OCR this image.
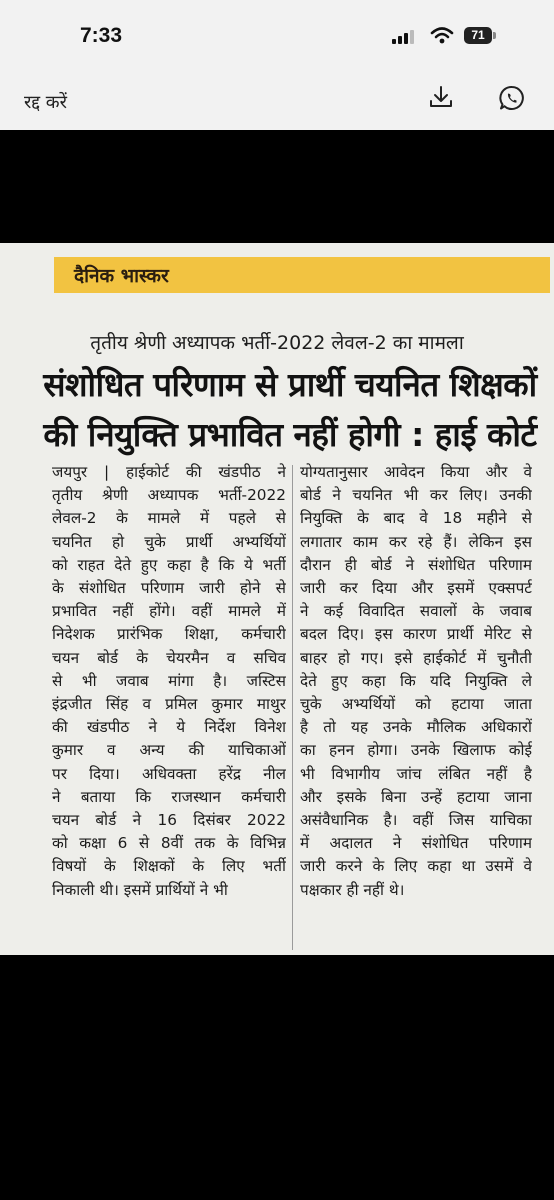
7:33	71
रद्द करें
दैनिक भास्कर
तृतीय श्रेणी अध्यापक भर्ती-2022 लेवल-2 का मामला
संशोधित परिणाम से प्रार्थी चयनित शिक्षकों
की नियुक्ति प्रभावित नहीं होगी : हाई कोर्ट
जयपुर | हाईकोर्ट की खंडपीठ ने
तृतीय श्रेणी अध्यापक भर्ती-2022
लेवल-2 के मामले में पहले से
चयनित हो चुके प्रार्थी अभ्यर्थियों
को राहत देते हुए कहा है कि ये भर्ती
के संशोधित परिणाम जारी होने से
प्रभावित नहीं होंगे। वहीं मामले में
निदेशक प्रारंभिक शिक्षा, कर्मचारी
चयन बोर्ड के चेयरमैन व सचिव
से भी जवाब मांगा है। जस्टिस
इंद्रजीत सिंह व प्रमिल कुमार माथुर
की खंडपीठ ने ये निर्देश विनेश
कुमार व अन्य की याचिकाओं
पर दिया। अधिवक्ता हरेंद्र नील
ने बताया कि राजस्थान कर्मचारी
चयन बोर्ड ने 16 दिसंबर 2022
को कक्षा 6 से 8वीं तक के विभिन्न
विषयों के शिक्षकों के लिए भर्ती
निकाली थी। इसमें प्रार्थियों ने भी
योग्यतानुसार आवेदन किया और वे
बोर्ड ने चयनित भी कर लिए। उनकी
नियुक्ति के बाद वे 18 महीने से
लगातार काम कर रहे हैं। लेकिन इस
दौरान ही बोर्ड ने संशोधित परिणाम
जारी कर दिया और इसमें एक्सपर्ट
ने कई विवादित सवालों के जवाब
बदल दिए। इस कारण प्रार्थी मेरिट से
बाहर हो गए। इसे हाईकोर्ट में चुनौती
देते हुए कहा कि यदि नियुक्ति ले
चुके अभ्यर्थियों को हटाया जाता
है तो यह उनके मौलिक अधिकारों
का हनन होगा। उनके खिलाफ कोई
भी विभागीय जांच लंबित नहीं है
और इसके बिना उन्हें हटाया जाना
असंवैधानिक है। वहीं जिस याचिका
में अदालत ने संशोधित परिणाम
जारी करने के लिए कहा था उसमें वे
पक्षकार ही नहीं थे।
